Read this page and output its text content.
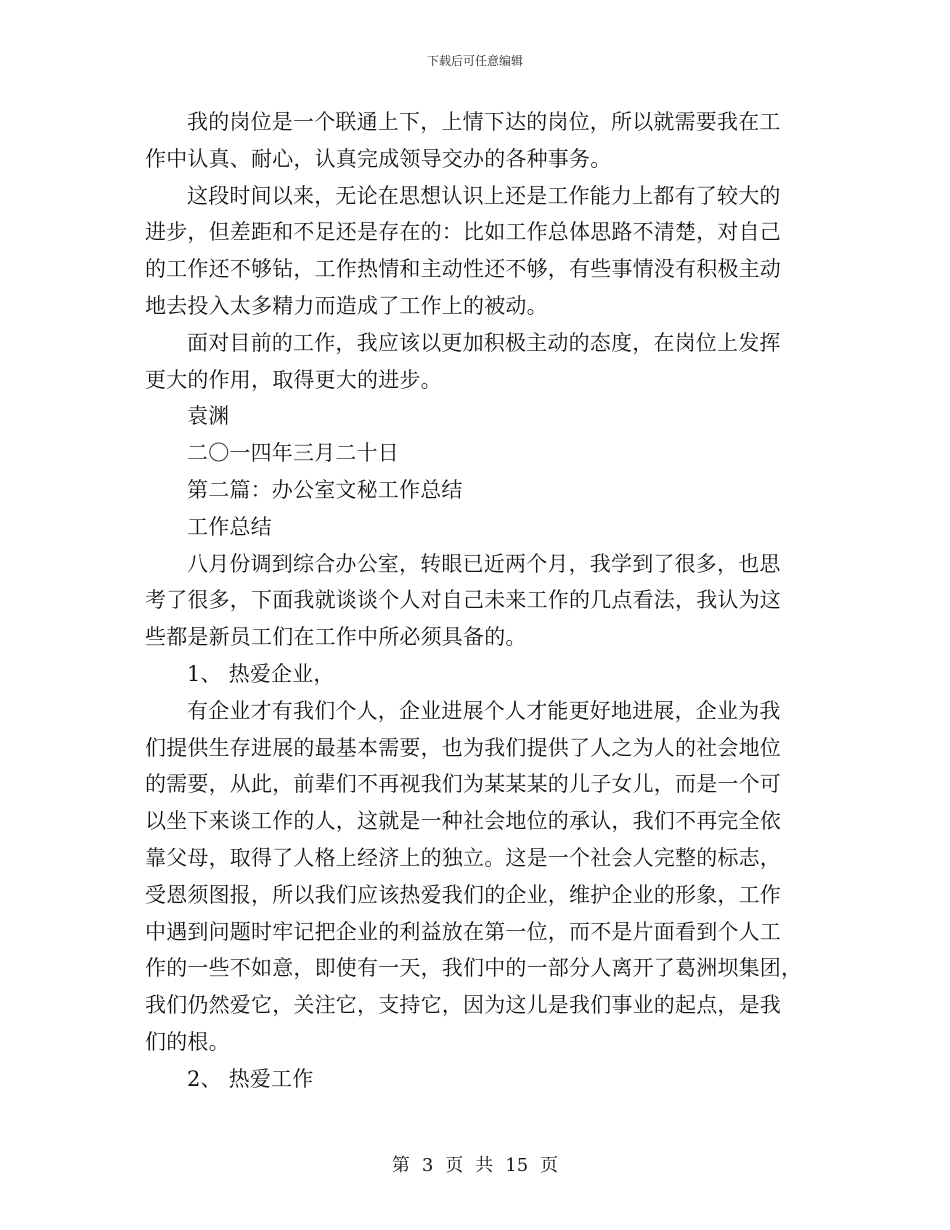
下载后可任意编辑
我的岗位是一个联通上下，上情下达的岗位，所以就需要我在工
作中认真、耐心，认真完成领导交办的各种事务。
这段时间以来，无论在思想认识上还是工作能力上都有了较大的
进步，但差距和不足还是存在的：比如工作总体思路不清楚，对自己
的工作还不够钻，工作热情和主动性还不够，有些事情没有积极主动
地去投入太多精力而造成了工作上的被动。
面对目前的工作，我应该以更加积极主动的态度，在岗位上发挥
更大的作用，取得更大的进步。
袁渊
二〇一四年三月二十日
第二篇：办公室文秘工作总结
工作总结
八月份调到综合办公室，转眼已近两个月，我学到了很多，也思
考了很多，下面我就谈谈个人对自己未来工作的几点看法，我认为这
些都是新员工们在工作中所必须具备的。
1、 热爱企业，
有企业才有我们个人，企业进展个人才能更好地进展，企业为我
们提供生存进展的最基本需要，也为我们提供了人之为人的社会地位
的需要，从此，前辈们不再视我们为某某某的儿子女儿，而是一个可
以坐下来谈工作的人，这就是一种社会地位的承认，我们不再完全依
靠父母，取得了人格上经济上的独立。这是一个社会人完整的标志，
受恩须图报，所以我们应该热爱我们的企业，维护企业的形象，工作
中遇到问题时牢记把企业的利益放在第一位，而不是片面看到个人工
作的一些不如意，即使有一天，我们中的一部分人离开了葛洲坝集团，
我们仍然爱它，关注它，支持它，因为这儿是我们事业的起点，是我
们的根。
2、 热爱工作
第 3 页 共 15 页
